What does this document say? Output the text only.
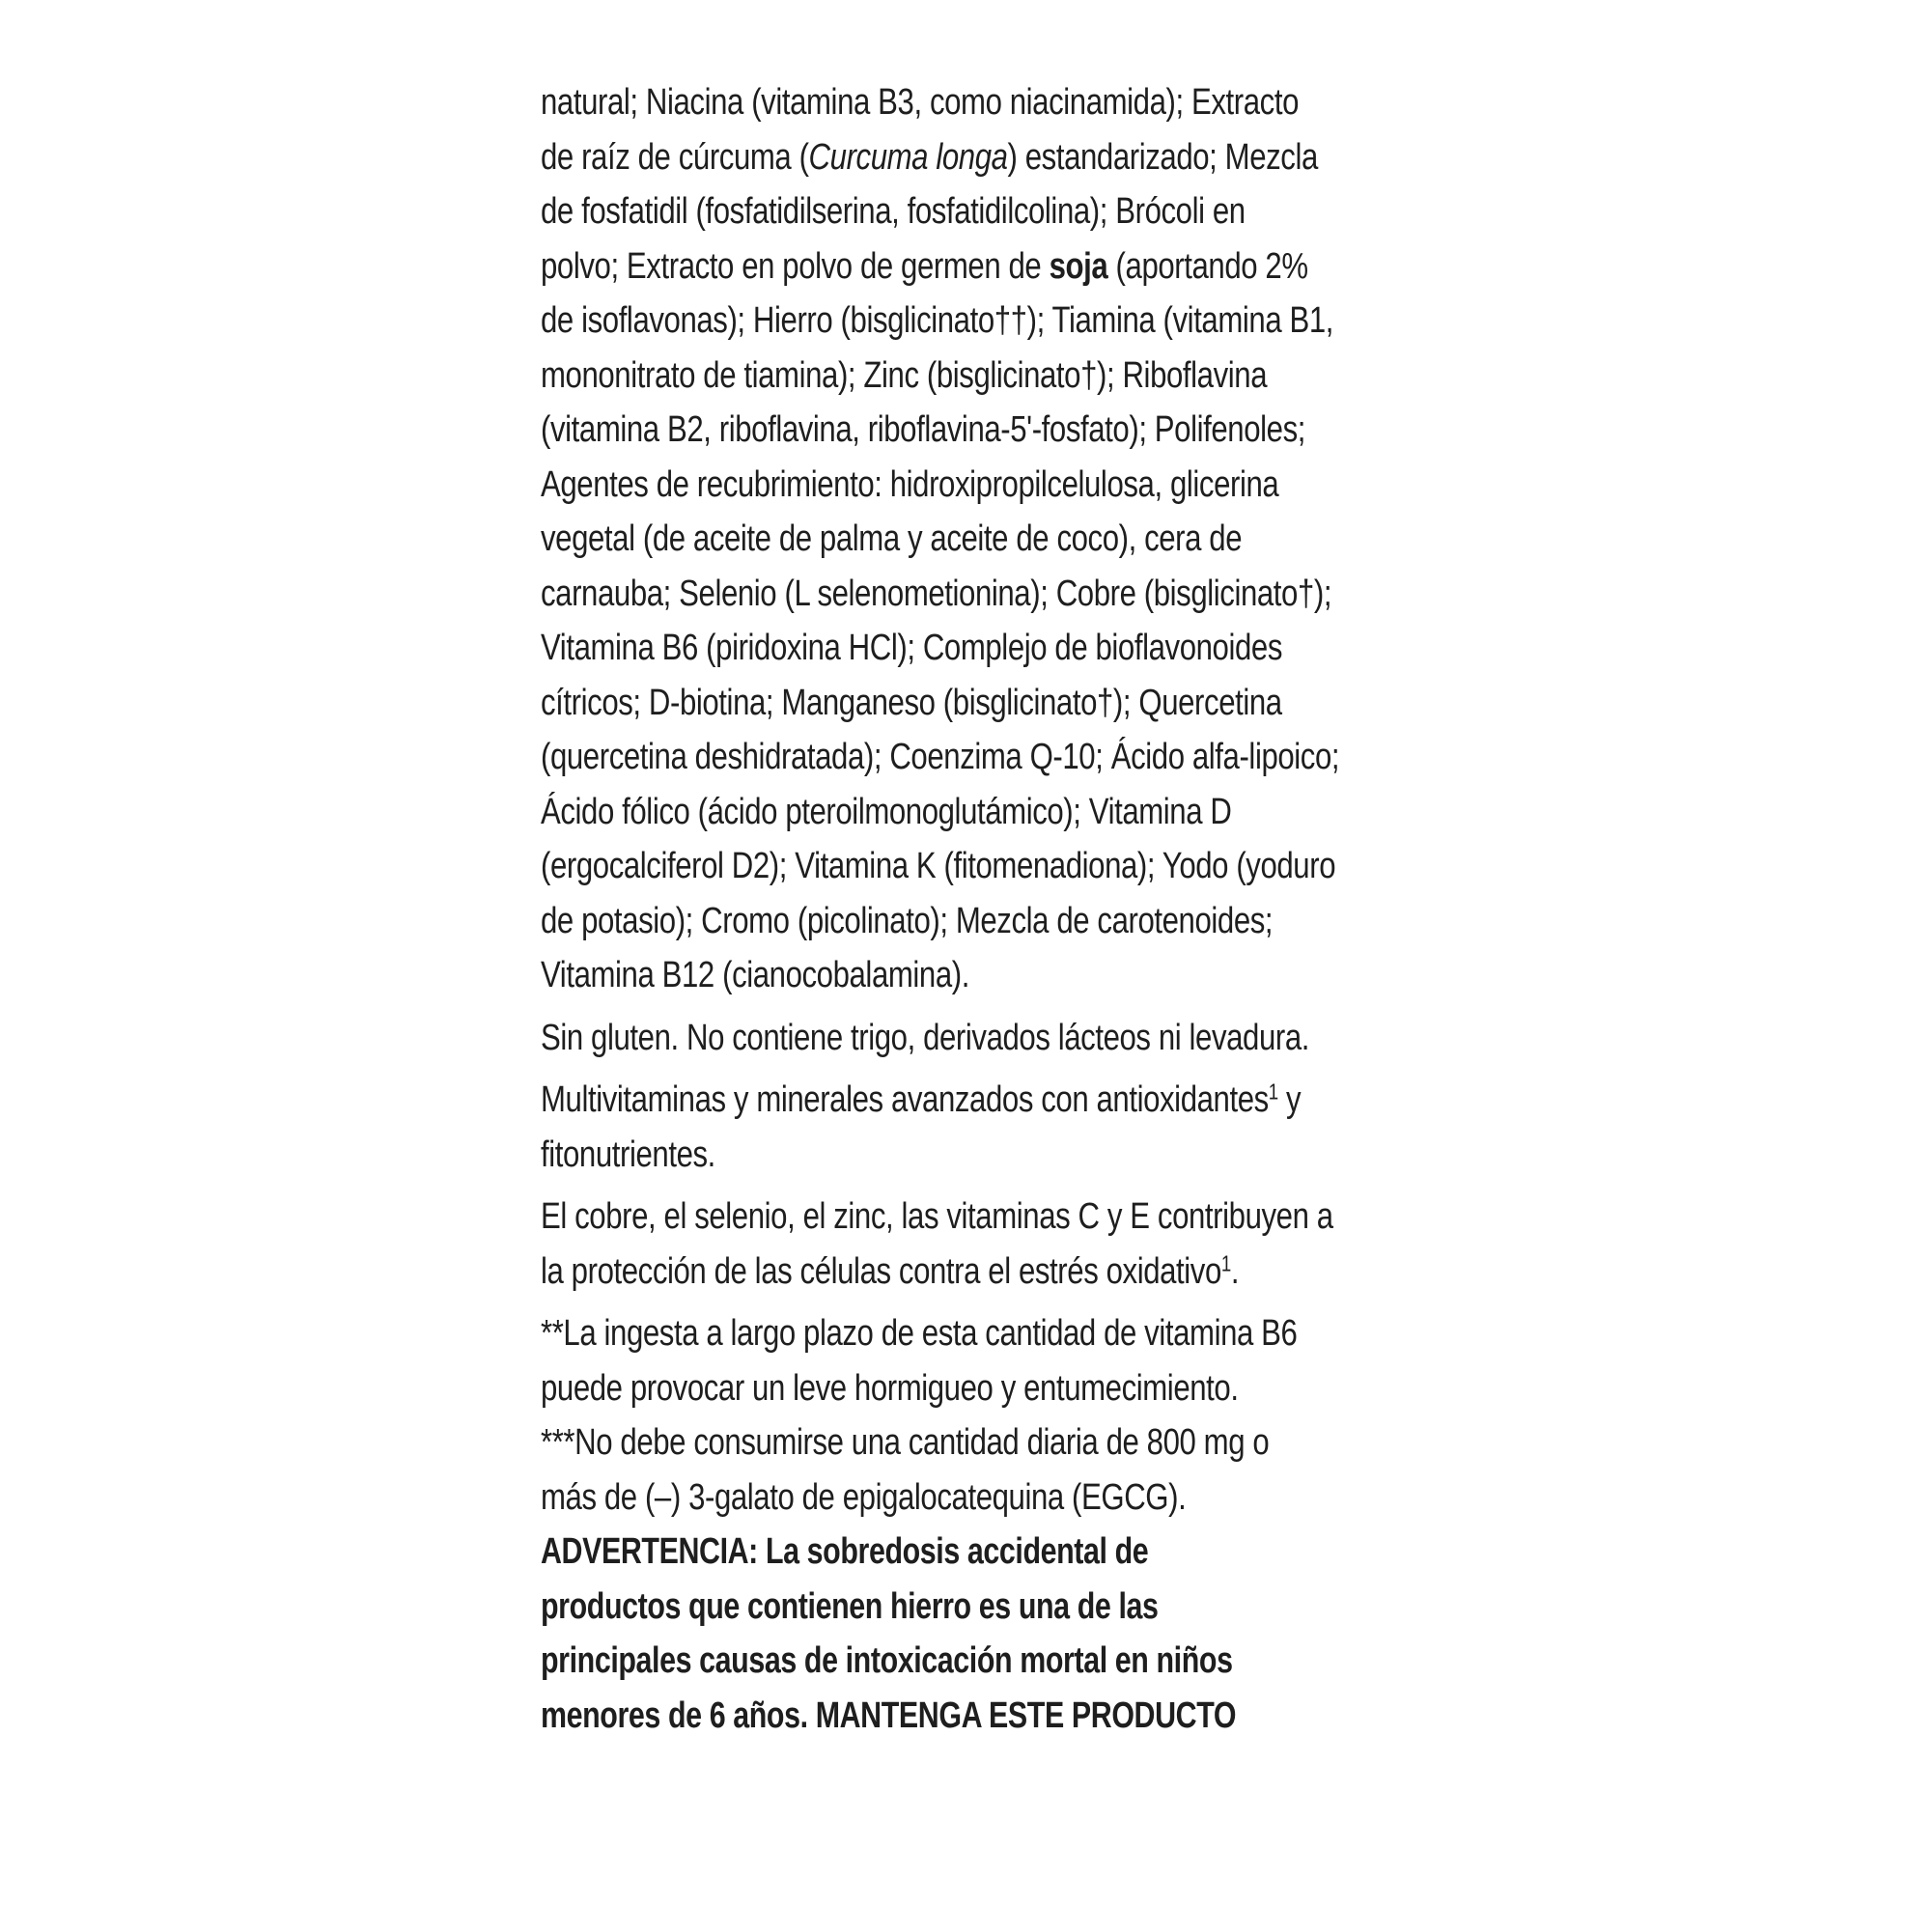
natural; Niacina (vitamina B3, como niacinamida); Extracto
de raíz de cúrcuma (Curcuma longa) estandarizado; Mezcla
de fosfatidil (fosfatidilserina, fosfatidilcolina); Brócoli en
polvo; Extracto en polvo de germen de soja (aportando 2%
de isoflavonas); Hierro (bisglicinato††); Tiamina (vitamina B1,
mononitrato de tiamina); Zinc (bisglicinato†); Riboflavina
(vitamina B2, riboflavina, riboflavina-5'-fosfato); Polifenoles;
Agentes de recubrimiento: hidroxipropilcelulosa, glicerina
vegetal (de aceite de palma y aceite de coco), cera de
carnauba; Selenio (L selenometionina); Cobre (bisglicinato†);
Vitamina B6 (piridoxina HCl); Complejo de bioflavonoides
cítricos; D-biotina; Manganeso (bisglicinato†); Quercetina
(quercetina deshidratada); Coenzima Q-10; Ácido alfa-lipoico;
Ácido fólico (ácido pteroilmonoglutámico); Vitamina D
(ergocalciferol D2); Vitamina K (fitomenadiona); Yodo (yoduro
de potasio); Cromo (picolinato); Mezcla de carotenoides;
Vitamina B12 (cianocobalamina).
Sin gluten. No contiene trigo, derivados lácteos ni levadura.
Multivitaminas y minerales avanzados con antioxidantes$^1$ y
fitonutrientes.
El cobre, el selenio, el zinc, las vitaminas C y E contribuyen a
la protección de las células contra el estrés oxidativo$^1$.
**La ingesta a largo plazo de esta cantidad de vitamina B6
puede provocar un leve hormigueo y entumecimiento.
***No debe consumirse una cantidad diaria de 800 mg o
más de (–) 3-galato de epigalocatequina (EGCG).
ADVERTENCIA: La sobredosis accidental de
productos que contienen hierro es una de las
principales causas de intoxicación mortal en niños
menores de 6 años. MANTENGA ESTE PRODUCTO
